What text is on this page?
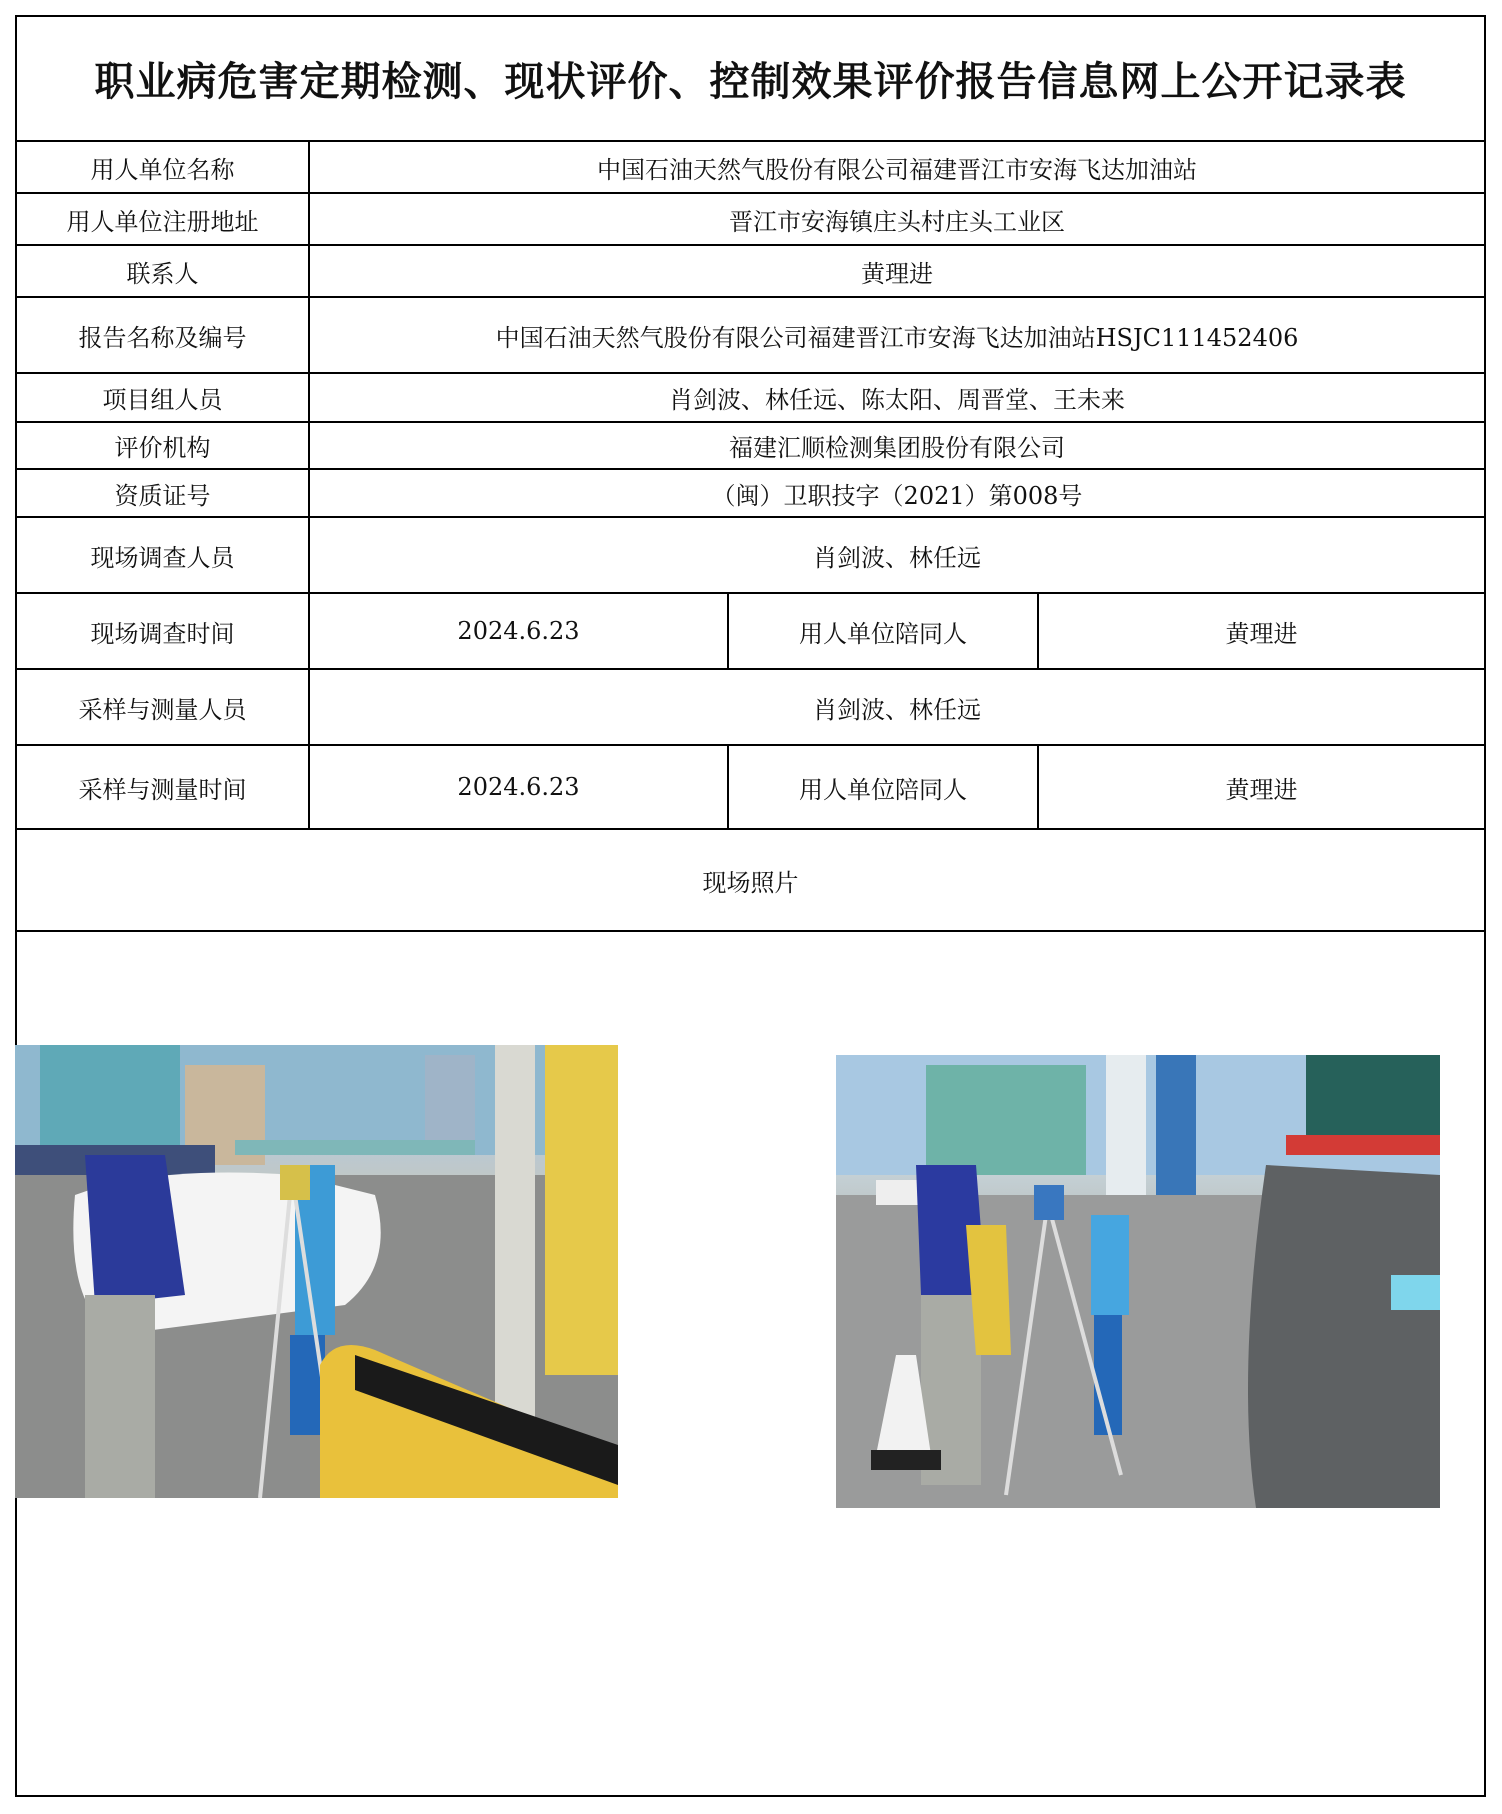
职业病危害定期检测、现状评价、控制效果评价报告信息网上公开记录表
用人单位名称	中国石油天然气股份有限公司福建晋江市安海飞达加油站
用人单位注册地址	晋江市安海镇庄头村庄头工业区
联系人	黄理进
报告名称及编号	中国石油天然气股份有限公司福建晋江市安海飞达加油站HSJC111452406
项目组人员	肖剑波、林任远、陈太阳、周晋堂、王未来
评价机构	福建汇顺检测集团股份有限公司
资质证号	（闽）卫职技字（2021）第008号
现场调查人员	肖剑波、林任远
现场调查时间	2024.6.23	用人单位陪同人	黄理进
采样与测量人员	肖剑波、林任远
采样与测量时间	2024.6.23	用人单位陪同人	黄理进
现场照片
